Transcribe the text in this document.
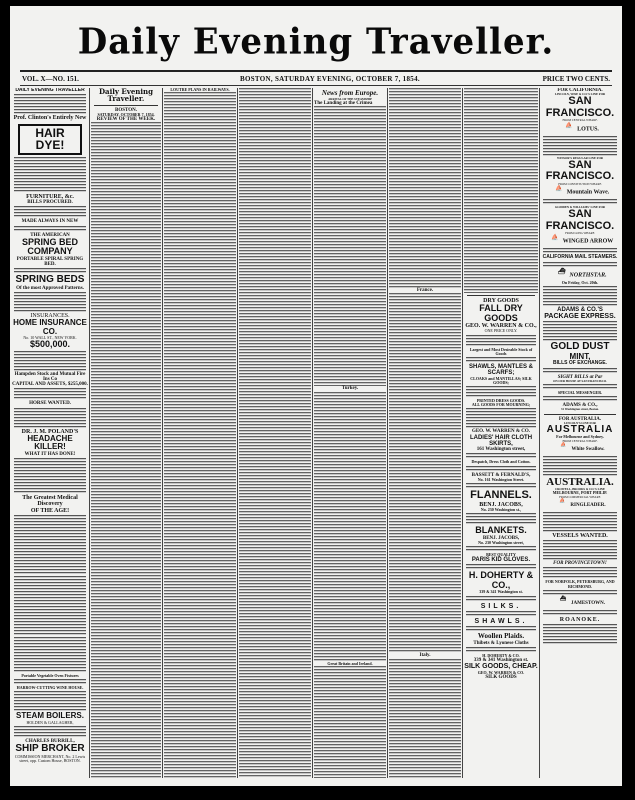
Daily Evening Traveller.
VOL. X—NO. 151.	BOSTON, SATURDAY EVENING, OCTOBER 7, 1854.	PRICE TWO CENTS.
DAILY EVENING TRAVELLER
Prof. Clinton's Entirely New
HAIR DYE!
FURNITURE, &c.
BILLS PROCURED.
MADE ALWAYS IN NEW
THE AMERICAN
SPRING BED COMPANY
PORTABLE SPIRAL SPRING BED.
SPRING BEDS
Of the most Approved Patterns.
INSURANCES.
HOME INSURANCE CO.
No. 10 WALL ST., NEW YORK.
$500,000.
Hampden Stock and Mutual Fire Ins Co
CAPITAL AND ASSETS, $255,000.
HORSE WANTED.
DR. J. M. POLAND'S
HEADACHE KILLER!
WHAT IT HAS DONE!
The Greatest Medical Discovery
OF THE AGE!
Portable Vegetable Oven Fixtures
HARROW-CUTTING WINE HOUSE.
STEAM BOILERS.
HOLDEN & GALLAGHER,
CHARLES BURRILL,
SHIP BROKER
COMMISSION MERCHANT, No. 2 Lewis street, opp. Custom House, BOSTON.
Daily Evening Traveller.
BOSTON.
SATURDAY, OCTOBER 7, 1854.
REVIEW OF THE WEEK.
LOUTRE PLANS IN RAILWAYS.	News from Europe.
ARRIVAL OF THE STEAMSHIP
The Landing at the Crimea
Turkey.
Great Britain and Ireland.
France.
Italy.
DRY GOODS
FALL DRY GOODS
GEO. W. WARREN & CO.,
ONE PRICE ONLY.
Largest and Most Desirable Stock of Goods
SHAWLS, MANTLES & SCARFS;
CLOAKS and MANTILLAS; SILK GOODS;
PRINTED DRESS GOODS.
ALL GOODS FOR MOURNING;
GEO. W. WARREN & CO.
LADIES' HAIR CLOTH SKIRTS,
161 Washington street,
Despatch, Dress Cloth and Cotton.
BASSETT & FERNALD'S,
No. 161 Washington Street.
FLANNELS.
BENJ. JACOBS,
No. 230 Washington st.,
BLANKETS.
BENJ. JACOBS,
No. 230 Washington street,
BEST QUALITY
PARIS KID GLOVES.
H. DOHERTY & CO.,
339 & 341 Washington st.
SILKS.
SHAWLS.
Woollen Plaids.
Thibets & Lyonese Cloths
H. DOHERTY & CO.
339 & 341 Washington st.
SILK GOODS, CHEAP.
GEO. W. WARREN & CO.
SILK GOODS
FOR CALIFORNIA.
LINCOLN, WISE & CO.'S LINE FOR
SAN FRANCISCO.
FROM CENTRAL WHARF.
⛵LOTUS.
WINSOR'S REGULAR LINE FOR
SAN FRANCISCO.
FROM CONSTITUTION WHARF.
⛵Mountain Wave.
GLIDDEN & WILLIAMS' LINE FOR
SAN FRANCISCO.
FROM LONG WHARF.
⛵WINGED ARROW
CALIFORNIA MAIL STEAMERS.
⛴NORTHSTAR.
On Friday, Oct. 20th.
ADAMS & CO.'S
PACKAGE EXPRESS.
GOLD DUST
MINT,
BILLS OF EXCHANGE.
SIGHT BILLS at Par
ON OUR HOUSE AT SAN FRANCISCO.
SPECIAL MESSENGER.
ADAMS & CO.,
31 Washington street, Boston.
FOR AUSTRALIA.
LINCOLN'S LINE FOR
AUSTRALIA
For Melbourne and Sydney.
FROM CENTRAL WHARF.
⛵White Swallow.
AUSTRALIA.
CROWELL, BROOKS & CO.'S LINE
MELBOURNE, PORT PHILIP.
FROM COMMERCIAL WHARF.
⛵RINGLEADER.
VESSELS WANTED.
FOR PROVINCETOWN!
FOR NORFOLK, PETERSBURG, AND RICHMOND.
⛴JAMESTOWN.
ROANOKE.
